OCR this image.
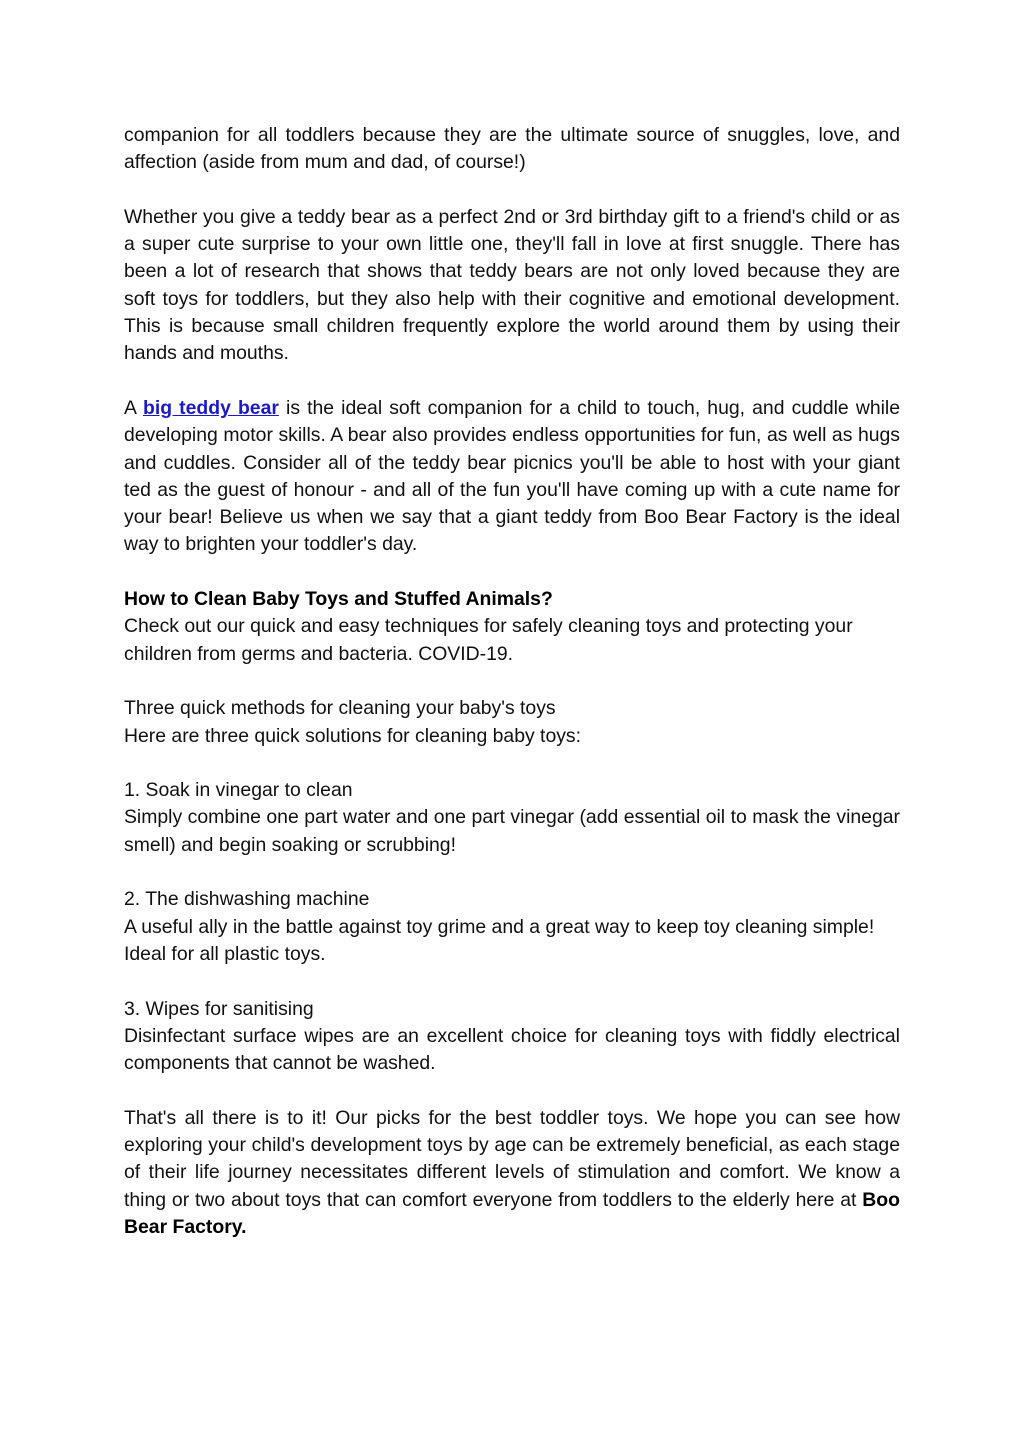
companion for all toddlers because they are the ultimate source of snuggles, love, and affection (aside from mum and dad, of course!)

Whether you give a teddy bear as a perfect 2nd or 3rd birthday gift to a friend's child or as a super cute surprise to your own little one, they'll fall in love at first snuggle. There has been a lot of research that shows that teddy bears are not only loved because they are soft toys for toddlers, but they also help with their cognitive and emotional development. This is because small children frequently explore the world around them by using their hands and mouths.

A big teddy bear is the ideal soft companion for a child to touch, hug, and cuddle while developing motor skills. A bear also provides endless opportunities for fun, as well as hugs and cuddles. Consider all of the teddy bear picnics you'll be able to host with your giant ted as the guest of honour - and all of the fun you'll have coming up with a cute name for your bear! Believe us when we say that a giant teddy from Boo Bear Factory is the ideal way to brighten your toddler's day.

How to Clean Baby Toys and Stuffed Animals?
Check out our quick and easy techniques for safely cleaning toys and protecting your children from germs and bacteria. COVID-19.

Three quick methods for cleaning your baby's toys
Here are three quick solutions for cleaning baby toys:

1. Soak in vinegar to clean
Simply combine one part water and one part vinegar (add essential oil to mask the vinegar smell) and begin soaking or scrubbing!

2. The dishwashing machine
A useful ally in the battle against toy grime and a great way to keep toy cleaning simple! Ideal for all plastic toys.

3. Wipes for sanitising
Disinfectant surface wipes are an excellent choice for cleaning toys with fiddly electrical components that cannot be washed.

That's all there is to it! Our picks for the best toddler toys. We hope you can see how exploring your child's development toys by age can be extremely beneficial, as each stage of their life journey necessitates different levels of stimulation and comfort. We know a thing or two about toys that can comfort everyone from toddlers to the elderly here at Boo Bear Factory.
